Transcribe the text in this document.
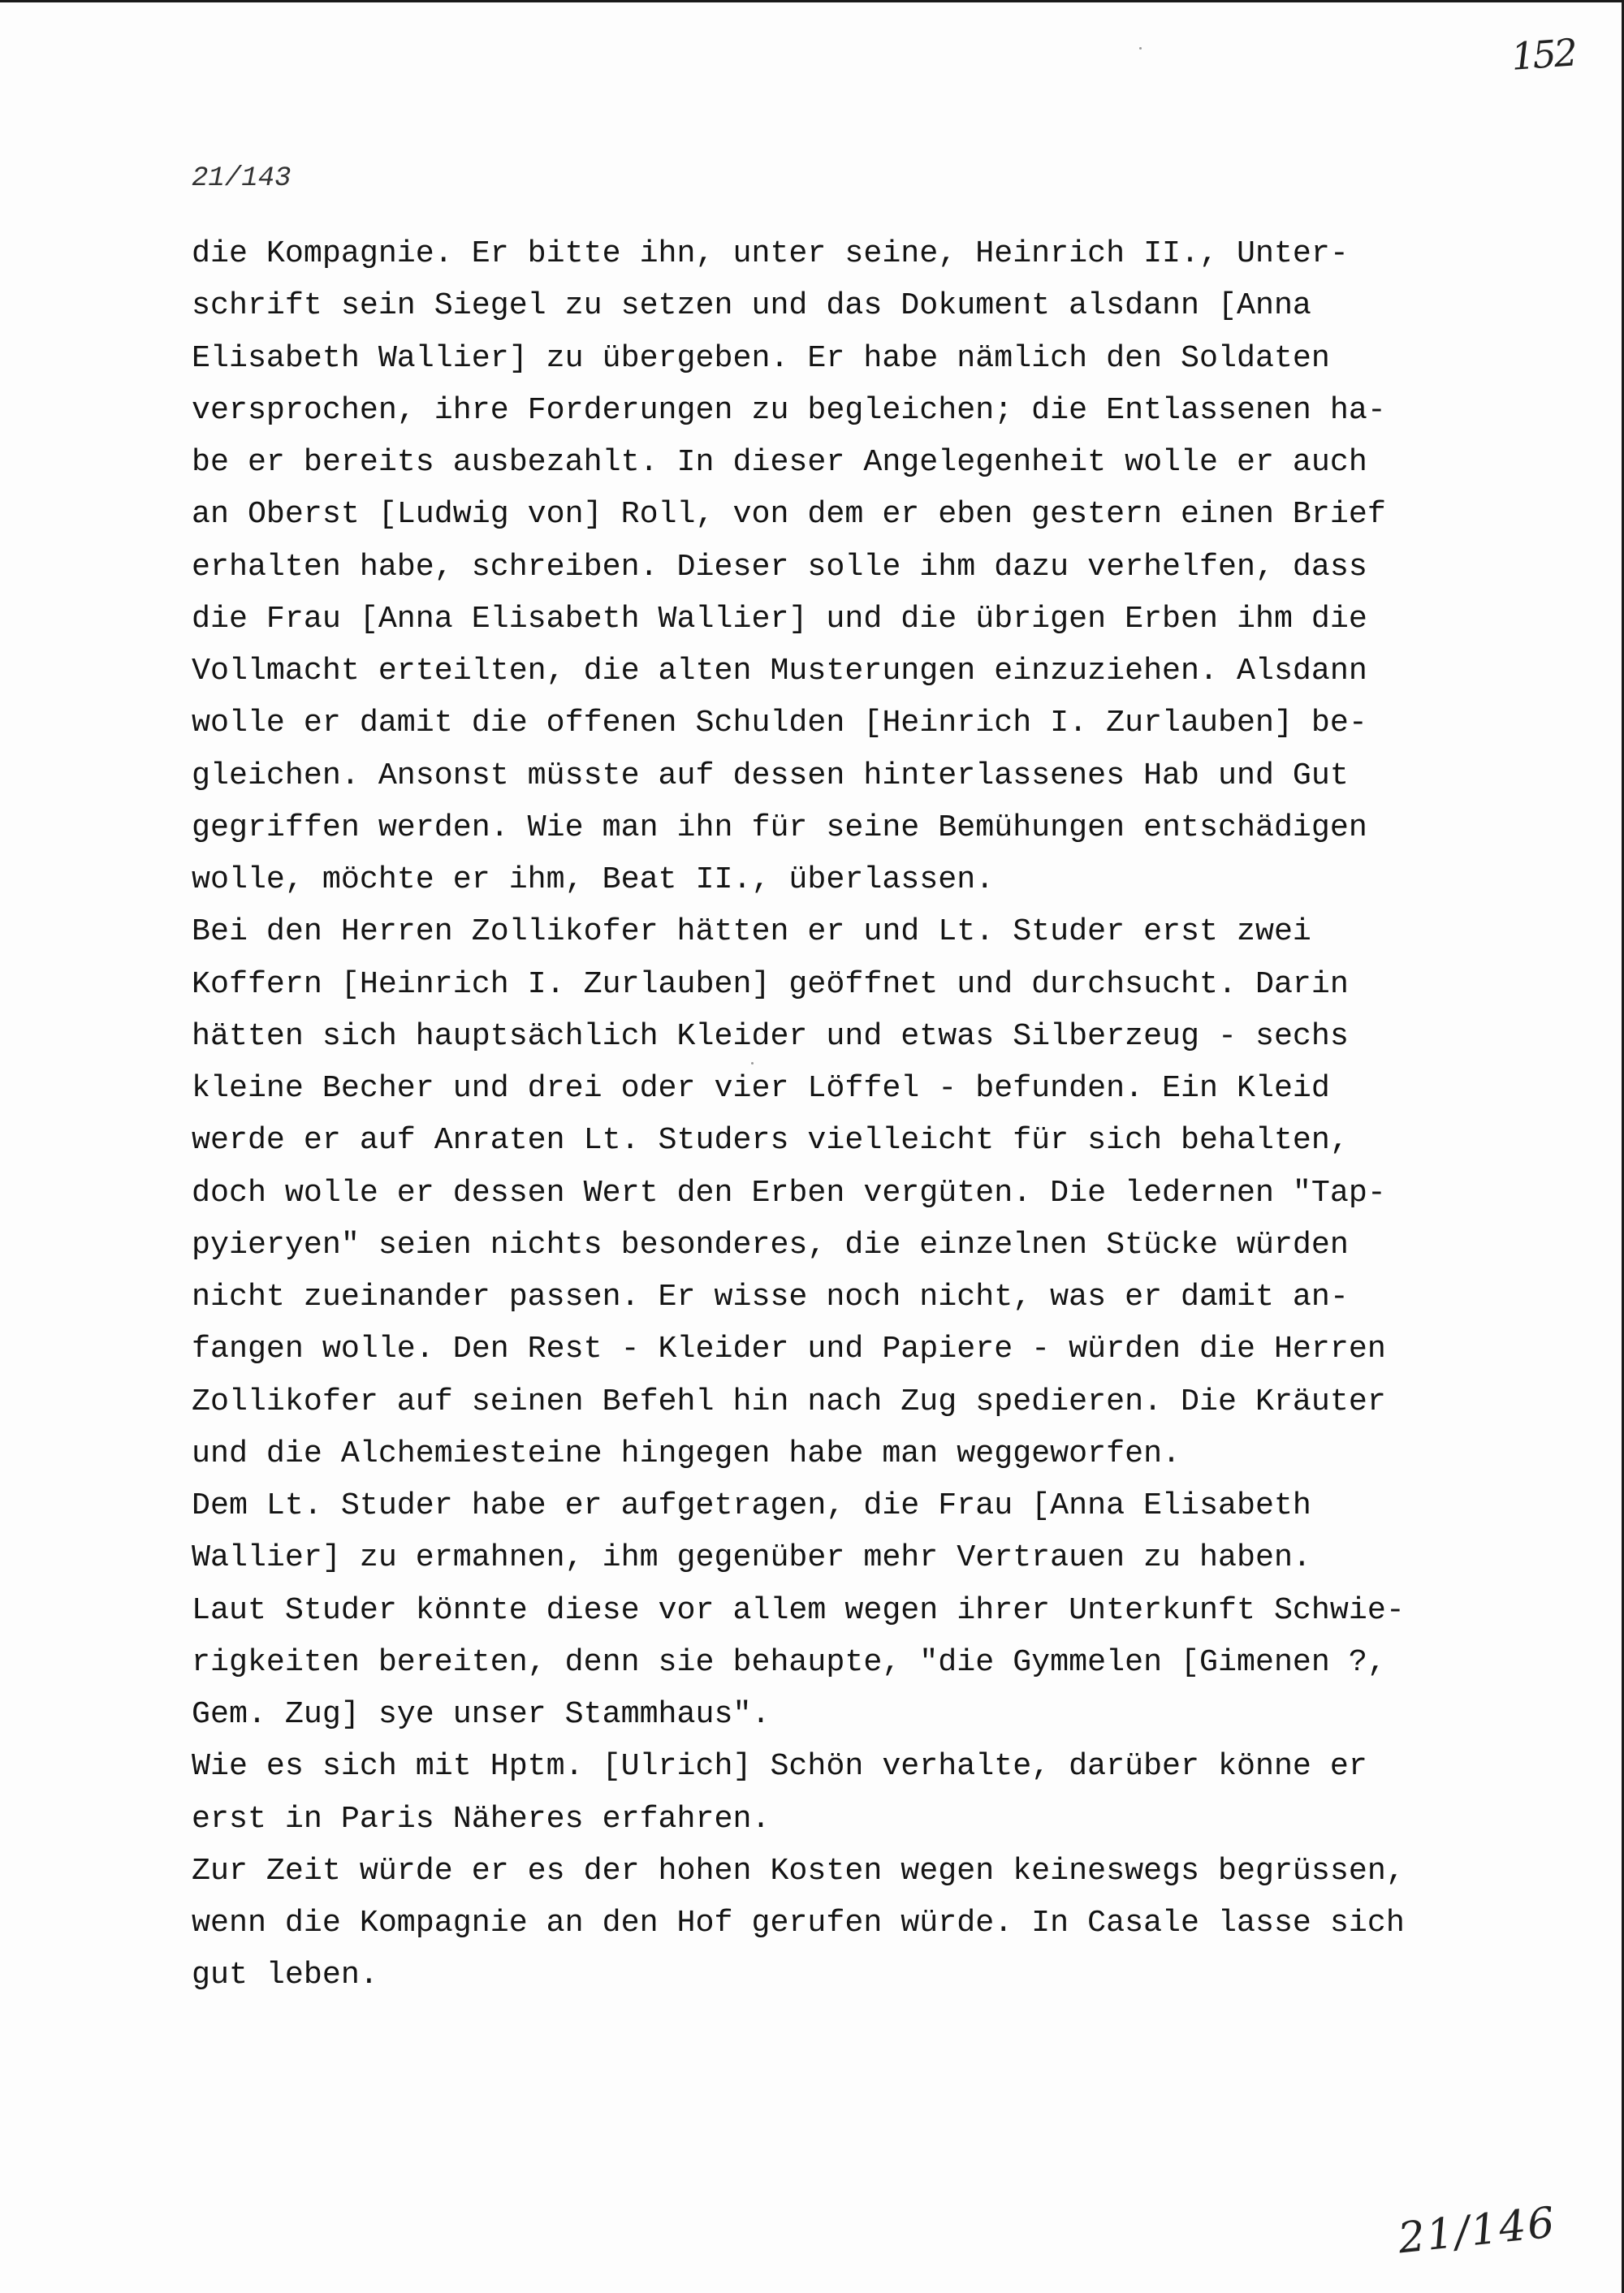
152
21/143
die Kompagnie. Er bitte ihn, unter seine, Heinrich II., Unter-
schrift sein Siegel zu setzen und das Dokument alsdann [Anna
Elisabeth Wallier] zu übergeben. Er habe nämlich den Soldaten
versprochen, ihre Forderungen zu begleichen; die Entlassenen ha-
be er bereits ausbezahlt. In dieser Angelegenheit wolle er auch
an Oberst [Ludwig von] Roll, von dem er eben gestern einen Brief
erhalten habe, schreiben. Dieser solle ihm dazu verhelfen, dass
die Frau [Anna Elisabeth Wallier] und die übrigen Erben ihm die
Vollmacht erteilten, die alten Musterungen einzuziehen. Alsdann
wolle er damit die offenen Schulden [Heinrich I. Zurlauben] be-
gleichen. Ansonst müsste auf dessen hinterlassenes Hab und Gut
gegriffen werden. Wie man ihn für seine Bemühungen entschädigen
wolle, möchte er ihm, Beat II., überlassen.
Bei den Herren Zollikofer hätten er und Lt. Studer erst zwei
Koffern [Heinrich I. Zurlauben] geöffnet und durchsucht. Darin
hätten sich hauptsächlich Kleider und etwas Silberzeug - sechs
kleine Becher und drei oder vier Löffel - befunden. Ein Kleid
werde er auf Anraten Lt. Studers vielleicht für sich behalten,
doch wolle er dessen Wert den Erben vergüten. Die ledernen "Tap-
pyieryen" seien nichts besonderes, die einzelnen Stücke würden
nicht zueinander passen. Er wisse noch nicht, was er damit an-
fangen wolle. Den Rest - Kleider und Papiere - würden die Herren
Zollikofer auf seinen Befehl hin nach Zug spedieren. Die Kräuter
und die Alchemiesteine hingegen habe man weggeworfen.
Dem Lt. Studer habe er aufgetragen, die Frau [Anna Elisabeth
Wallier] zu ermahnen, ihm gegenüber mehr Vertrauen zu haben.
Laut Studer könnte diese vor allem wegen ihrer Unterkunft Schwie-
rigkeiten bereiten, denn sie behaupte, "die Gymmelen [Gimenen ?,
Gem. Zug] sye unser Stammhaus".
Wie es sich mit Hptm. [Ulrich] Schön verhalte, darüber könne er
erst in Paris Näheres erfahren.
Zur Zeit würde er es der hohen Kosten wegen keineswegs begrüssen,
wenn die Kompagnie an den Hof gerufen würde. In Casale lasse sich
gut leben.
21/146
